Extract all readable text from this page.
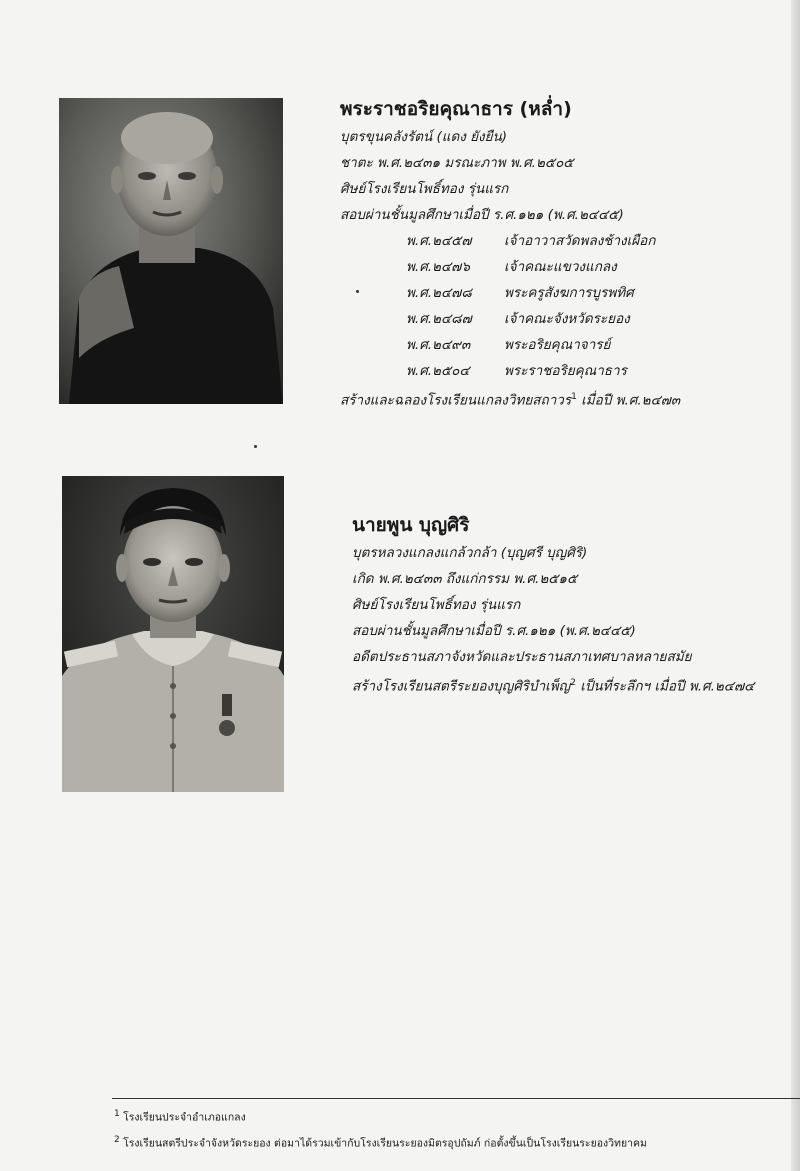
พระราชอริยคุณาธาร (หล่ำ)
บุตรขุนคลังรัตน์ (แดง ยังยืน)
ชาตะ พ.ศ.๒๔๓๑ มรณะภาพ พ.ศ.๒๕๐๕
ศิษย์โรงเรียนโพธิ์ทอง รุ่นแรก
สอบผ่านชั้นมูลศึกษาเมื่อปี ร.ศ.๑๒๑ (พ.ศ.๒๔๔๕)
พ.ศ.๒๔๕๗	เจ้าอาวาสวัดพลงช้างเผือก
พ.ศ.๒๔๗๖	เจ้าคณะแขวงแกลง
พ.ศ.๒๔๗๘	พระครูสังฆการบูรพทิศ
พ.ศ.๒๔๘๗	เจ้าคณะจังหวัดระยอง
พ.ศ.๒๔๙๓	พระอริยคุณาจารย์
พ.ศ.๒๕๐๔	พระราชอริยคุณาธาร
สร้างและฉลองโรงเรียนแกลงวิทยสถาวร$^1$ เมื่อปี พ.ศ.๒๔๗๓
นายพูน บุญศิริ
บุตรหลวงแกลงแกล้วกล้า (บุญศรี บุญศิริ)
เกิด พ.ศ.๒๔๓๓ ถึงแก่กรรม พ.ศ.๒๕๑๕
ศิษย์โรงเรียนโพธิ์ทอง รุ่นแรก
สอบผ่านชั้นมูลศึกษาเมื่อปี ร.ศ.๑๒๑ (พ.ศ.๒๔๔๕)
อดีตประธานสภาจังหวัดและประธานสภาเทศบาลหลายสมัย
สร้างโรงเรียนสตรีระยองบุญศิริบำเพ็ญ$^2$ เป็นที่ระลึกฯ เมื่อปี พ.ศ.๒๔๗๔
$^1$ โรงเรียนประจำอำเภอแกลง
$^2$ โรงเรียนสตรีประจำจังหวัดระยอง ต่อมาได้รวมเข้ากับโรงเรียนระยองมิตรอุปถัมภ์ ก่อตั้งขึ้นเป็นโรงเรียนระยองวิทยาคม
